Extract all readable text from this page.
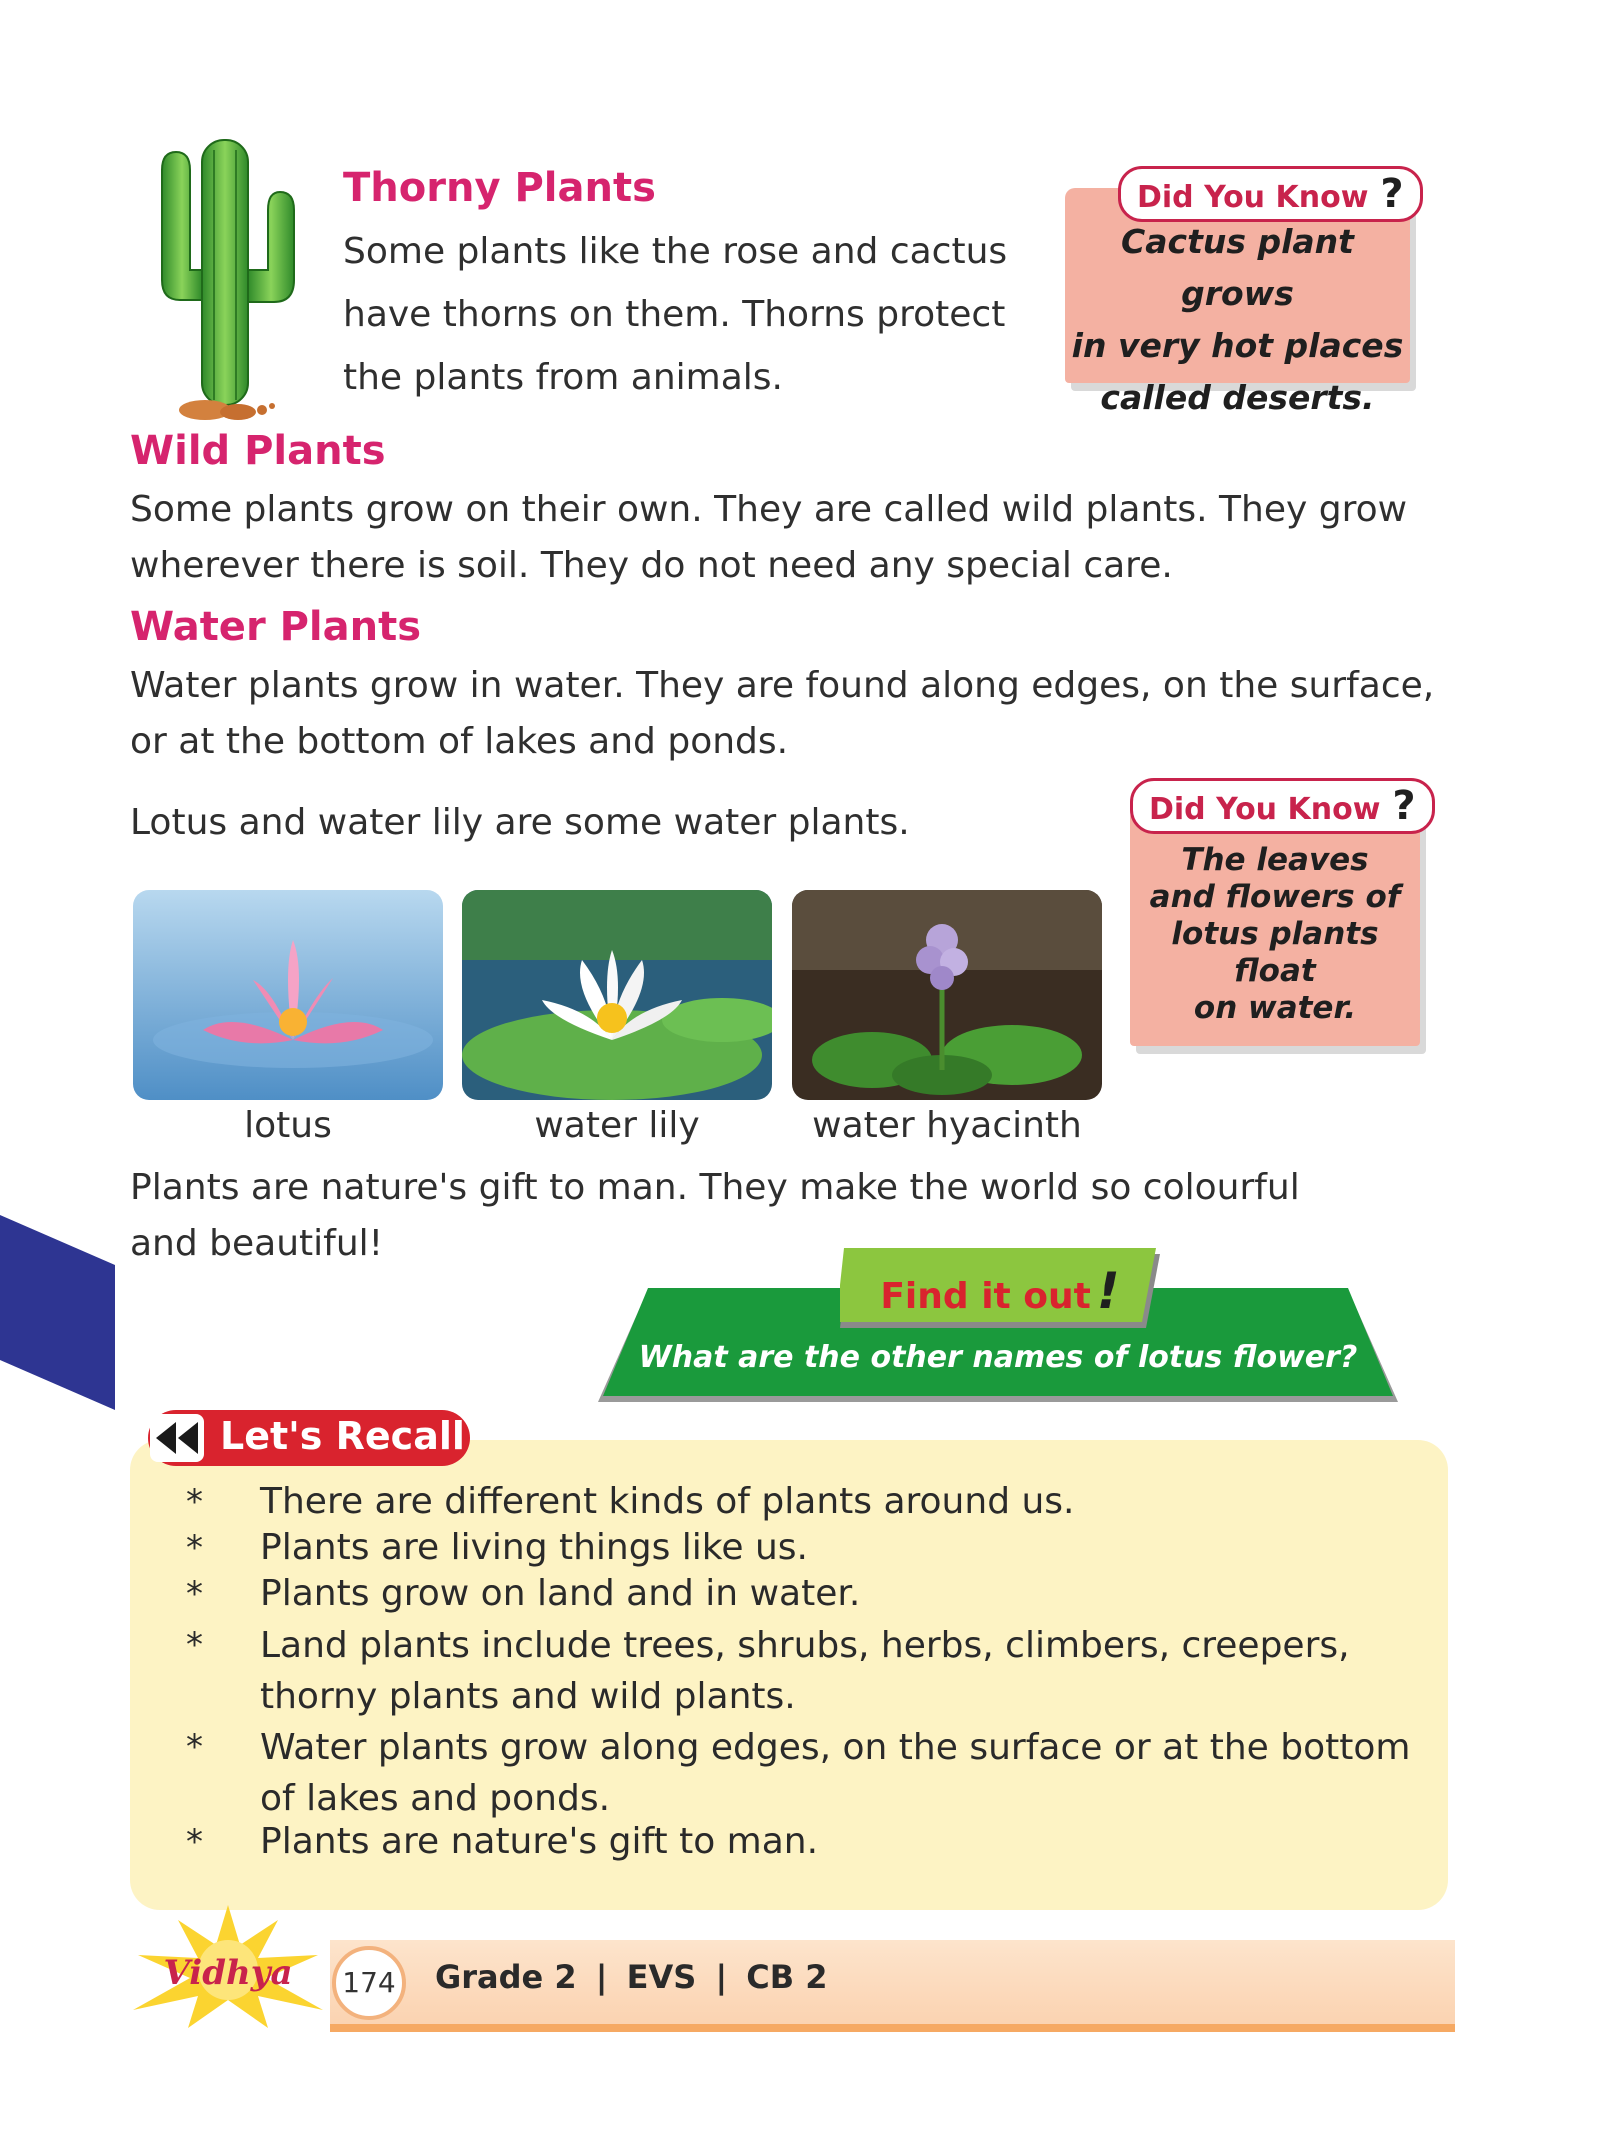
Thorny Plants
Some plants like the rose and cactus
have thorns on them. Thorns protect
the plants from animals.
Cactus plant grows
in very hot places
called deserts.
Did You Know ?
Wild Plants
Some plants grow on their own. They are called wild plants. They grow
wherever there is soil. They do not need any special care.
Water Plants
Water plants grow in water. They are found along edges, on the surface,
or at the bottom of lakes and ponds.
Lotus and water lily are some water plants.
The leaves
and flowers of
lotus plants float
on water.
Did You Know ?
lotus	water lily	water hyacinth
Plants are nature's gift to man. They make the world so colourful
and beautiful!
What are the other names of lotus flower?
Find it out !
* There are different kinds of plants around us.
* Plants are living things like us.
* Plants grow on land and in water.
* Land plants include trees, shrubs, herbs, climbers, creepers,
thorny plants and wild plants.
* Water plants grow along edges, on the surface or at the bottom
of lakes and ponds.
* Plants are nature's gift to man.
Let's Recall
Vidhya	174	Grade 2 | EVS | CB 2
